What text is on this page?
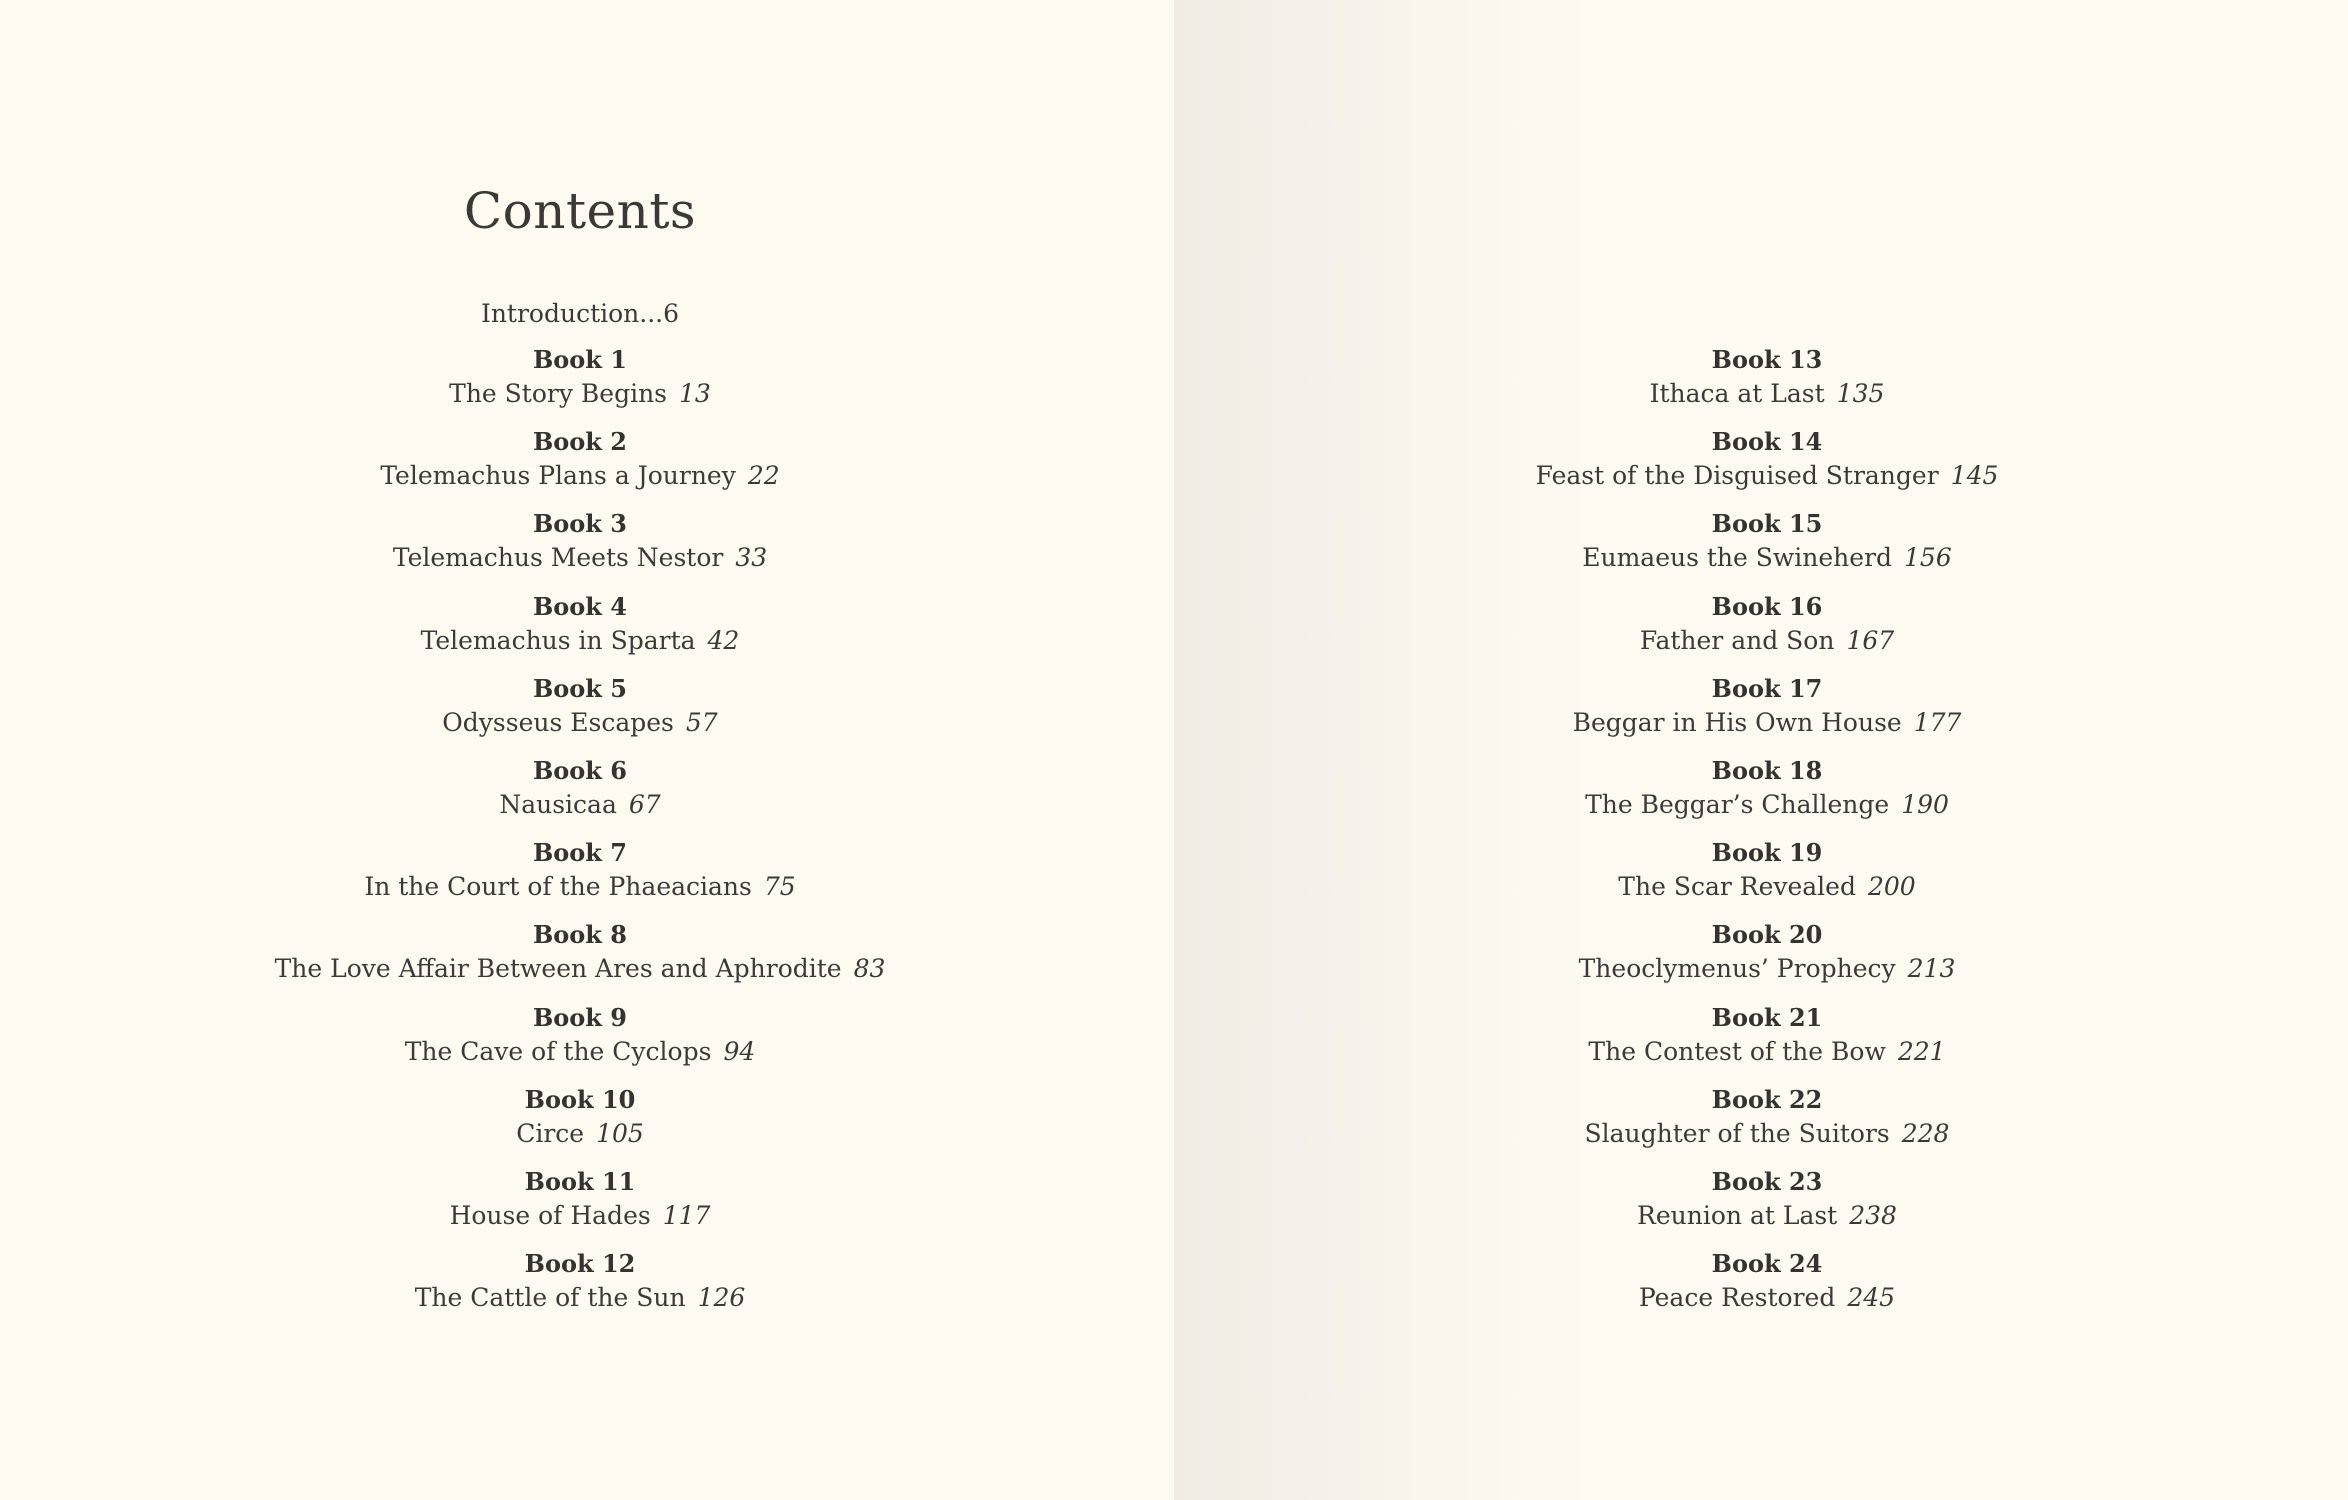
Contents
Introduction...6
Book 1
The Story Begins 13
Book 2
Telemachus Plans a Journey 22
Book 3
Telemachus Meets Nestor 33
Book 4
Telemachus in Sparta 42
Book 5
Odysseus Escapes 57
Book 6
Nausicaa 67
Book 7
In the Court of the Phaeacians 75
Book 8
The Love Affair Between Ares and Aphrodite 83
Book 9
The Cave of the Cyclops 94
Book 10
Circe 105
Book 11
House of Hades 117
Book 12
The Cattle of the Sun 126
Book 13
Ithaca at Last 135
Book 14
Feast of the Disguised Stranger 145
Book 15
Eumaeus the Swineherd 156
Book 16
Father and Son 167
Book 17
Beggar in His Own House 177
Book 18
The Beggar’s Challenge 190
Book 19
The Scar Revealed 200
Book 20
Theoclymenus’ Prophecy 213
Book 21
The Contest of the Bow 221
Book 22
Slaughter of the Suitors 228
Book 23
Reunion at Last 238
Book 24
Peace Restored 245
